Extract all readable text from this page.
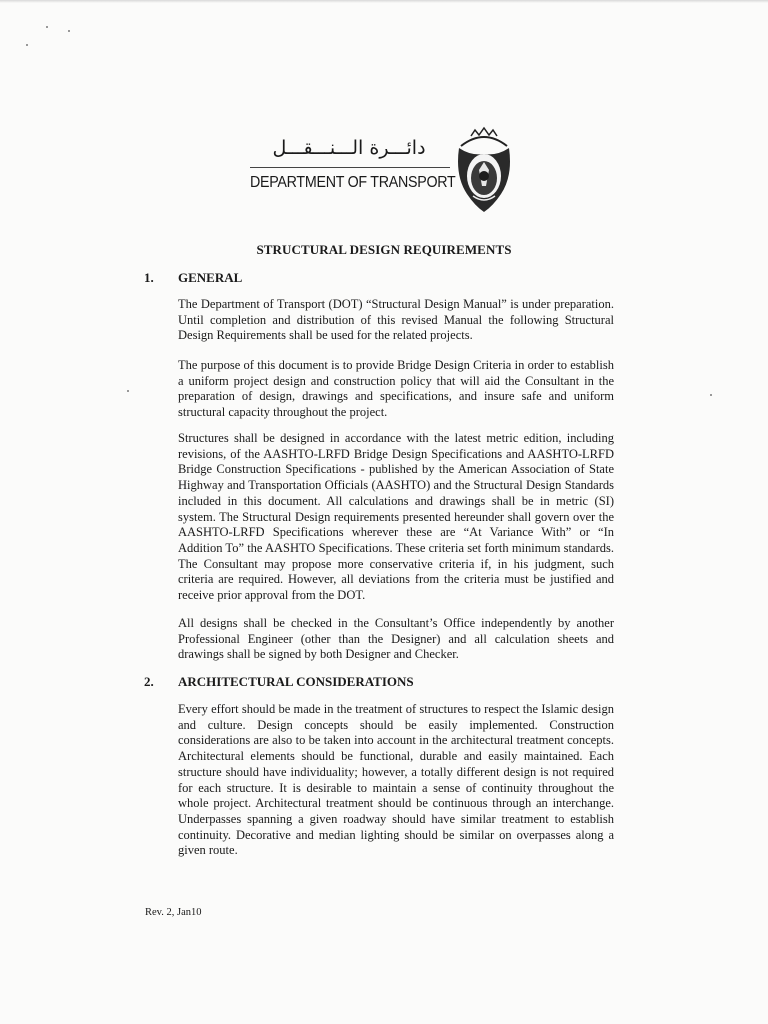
دائـــرة الـــنـــقـــل
DEPARTMENT OF TRANSPORT
STRUCTURAL DESIGN REQUIREMENTS
1. GENERAL

The Department of Transport (DOT) “Structural Design Manual” is under preparation. Until completion and distribution of this revised Manual the following Structural Design Requirements shall be used for the related projects.

The purpose of this document is to provide Bridge Design Criteria in order to establish a uniform project design and construction policy that will aid the Consultant in the preparation of design, drawings and specifications, and insure safe and uniform structural capacity throughout the project.

Structures shall be designed in accordance with the latest metric edition, including revisions, of the AASHTO-LRFD Bridge Design Specifications and AASHTO-LRFD Bridge Construction Specifications - published by the American Association of State Highway and Transportation Officials (AASHTO) and the Structural Design Standards included in this document. All calculations and drawings shall be in metric (SI) system. The Structural Design requirements presented hereunder shall govern over the AASHTO-LRFD Specifications wherever these are “At Variance With” or “In Addition To” the AASHTO Specifications. These criteria set forth minimum standards. The Consultant may propose more conservative criteria if, in his judgment, such criteria are required. However, all deviations from the criteria must be justified and receive prior approval from the DOT.

All designs shall be checked in the Consultant’s Office independently by another Professional Engineer (other than the Designer) and all calculation sheets and drawings shall be signed by both Designer and Checker.

2. ARCHITECTURAL CONSIDERATIONS

Every effort should be made in the treatment of structures to respect the Islamic design and culture. Design concepts should be easily implemented. Construction considerations are also to be taken into account in the architectural treatment concepts. Architectural elements should be functional, durable and easily maintained. Each structure should have individuality; however, a totally different design is not required for each structure. It is desirable to maintain a sense of continuity throughout the whole project. Architectural treatment should be continuous through an interchange. Underpasses spanning a given roadway should have similar treatment to establish continuity. Decorative and median lighting should be similar on overpasses along a given route.

Rev. 2, Jan10
